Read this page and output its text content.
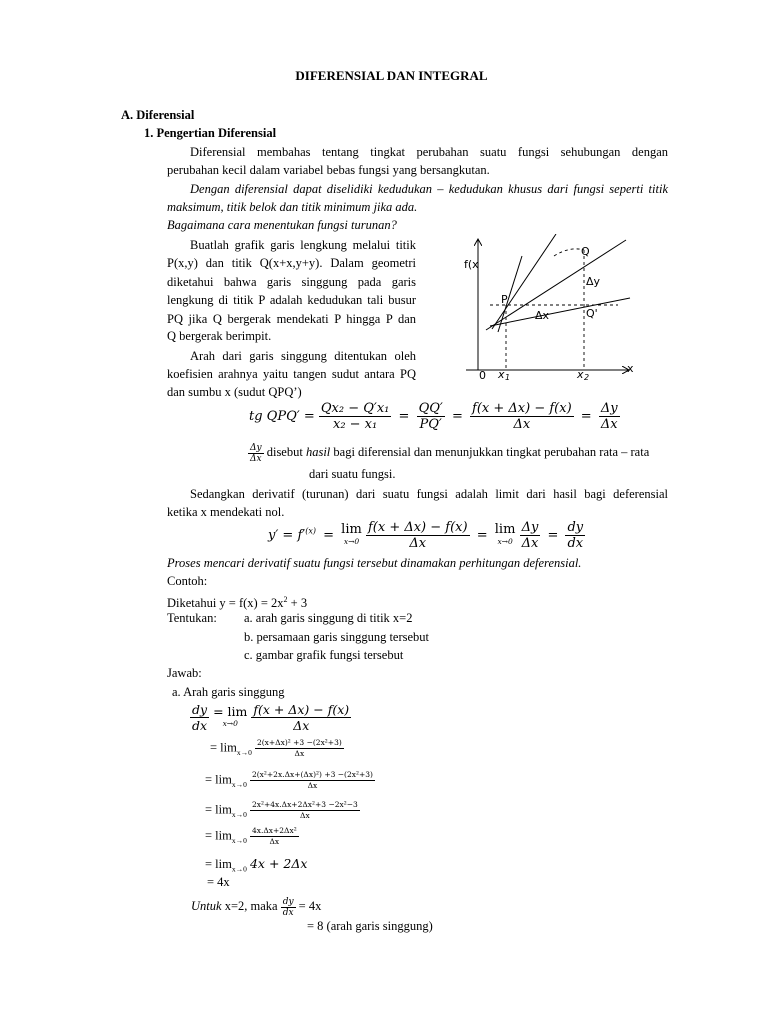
DIFERENSIAL DAN INTEGRAL
A. Diferensial
1. Pengertian Diferensial
Diferensial membahas tentang tingkat perubahan suatu fungsi sehubungan dengan
perubahan kecil dalam variabel bebas fungsi yang bersangkutan.
Dengan diferensial dapat diselidiki kedudukan – kedudukan khusus dari fungsi seperti titik
maksimum, titik belok dan titik minimum jika ada.
Bagaimana cara menentukan fungsi turunan?
Buatlah grafik garis lengkung melalui titik
P(x,y) dan titik Q(x+x,y+y). Dalam geometri
diketahui bahwa garis singgung pada garis
lengkung di titik P adalah kedudukan tali busur
PQ jika Q bergerak mendekati P hingga P dan
Q bergerak berimpit.
Arah dari garis singgung ditentukan oleh
koefisien arahnya yaitu tangen sudut antara PQ
dan sumbu x (sudut QPQ’)
f(x
x
0
P
Q
Q'
Δy
Δx
x 1	x 2
tg $QPQ' = \frac{\text{Qx₂ − Q′x₁}}{\text{x₂ − x₁}} = \frac{QQ'}{PQ'} = \frac{f(x + \Delta x) - f(x)}{\Delta x} = \frac{\Delta y}{\Delta x}$
$\frac{\Delta y}{\Delta x}$ disebut hasil bagi diferensial dan menunjukkan tingkat perubahan rata – rata
dari suatu fungsi.
Sedangkan derivatif (turunan) dari suatu fungsi adalah limit dari hasil bagi deferensial
ketika x mendekati nol.
$y' = f'^{(x)} = \lim$
x→0
$\frac{f(x + \Delta x) - f(x)}{\Delta x} = \lim$
x→0
$\frac{\Delta y}{\Delta x} = \frac{dy}{dx}$
Proses mencari derivatif suatu fungsi tersebut dinamakan perhitungan deferensial.
Contoh:
Diketahui $y = f(x) = 2x^2 + 3$
Tentukan: a. arah garis singgung di titik x=2
b. persamaan garis singgung tersebut
c. gambar grafik fungsi tersebut
Jawab:
a. Arah garis singgung
$\frac{dy}{dx} = \lim$
x→0
	$\frac{f(x + \Delta x) - f(x)}{\Delta x}$
= $\lim_{x\to 0} \frac{\text{2(x+Δx)² +3 −(2x²+3)}}{\Delta x}$
= $\lim_{x\to 0} \frac{\text{2(x²+2x.Δx+(Δx)²) +3 −(2x²+3)}}{\Delta x}$
= $\lim_{x\to 0} \frac{\text{2x²+4x.Δx+2Δx²+3 −2x²−3}}{\Delta x}$
= $\lim_{x\to 0} \frac{\text{4x.Δx+2Δx²}}{\Delta x}$
= $\lim_{x\to 0} 4x + 2\Delta x$
= 4x
Untuk x=2, maka $\frac{dy}{dx} = 4x$
= 8 (arah garis singgung)
